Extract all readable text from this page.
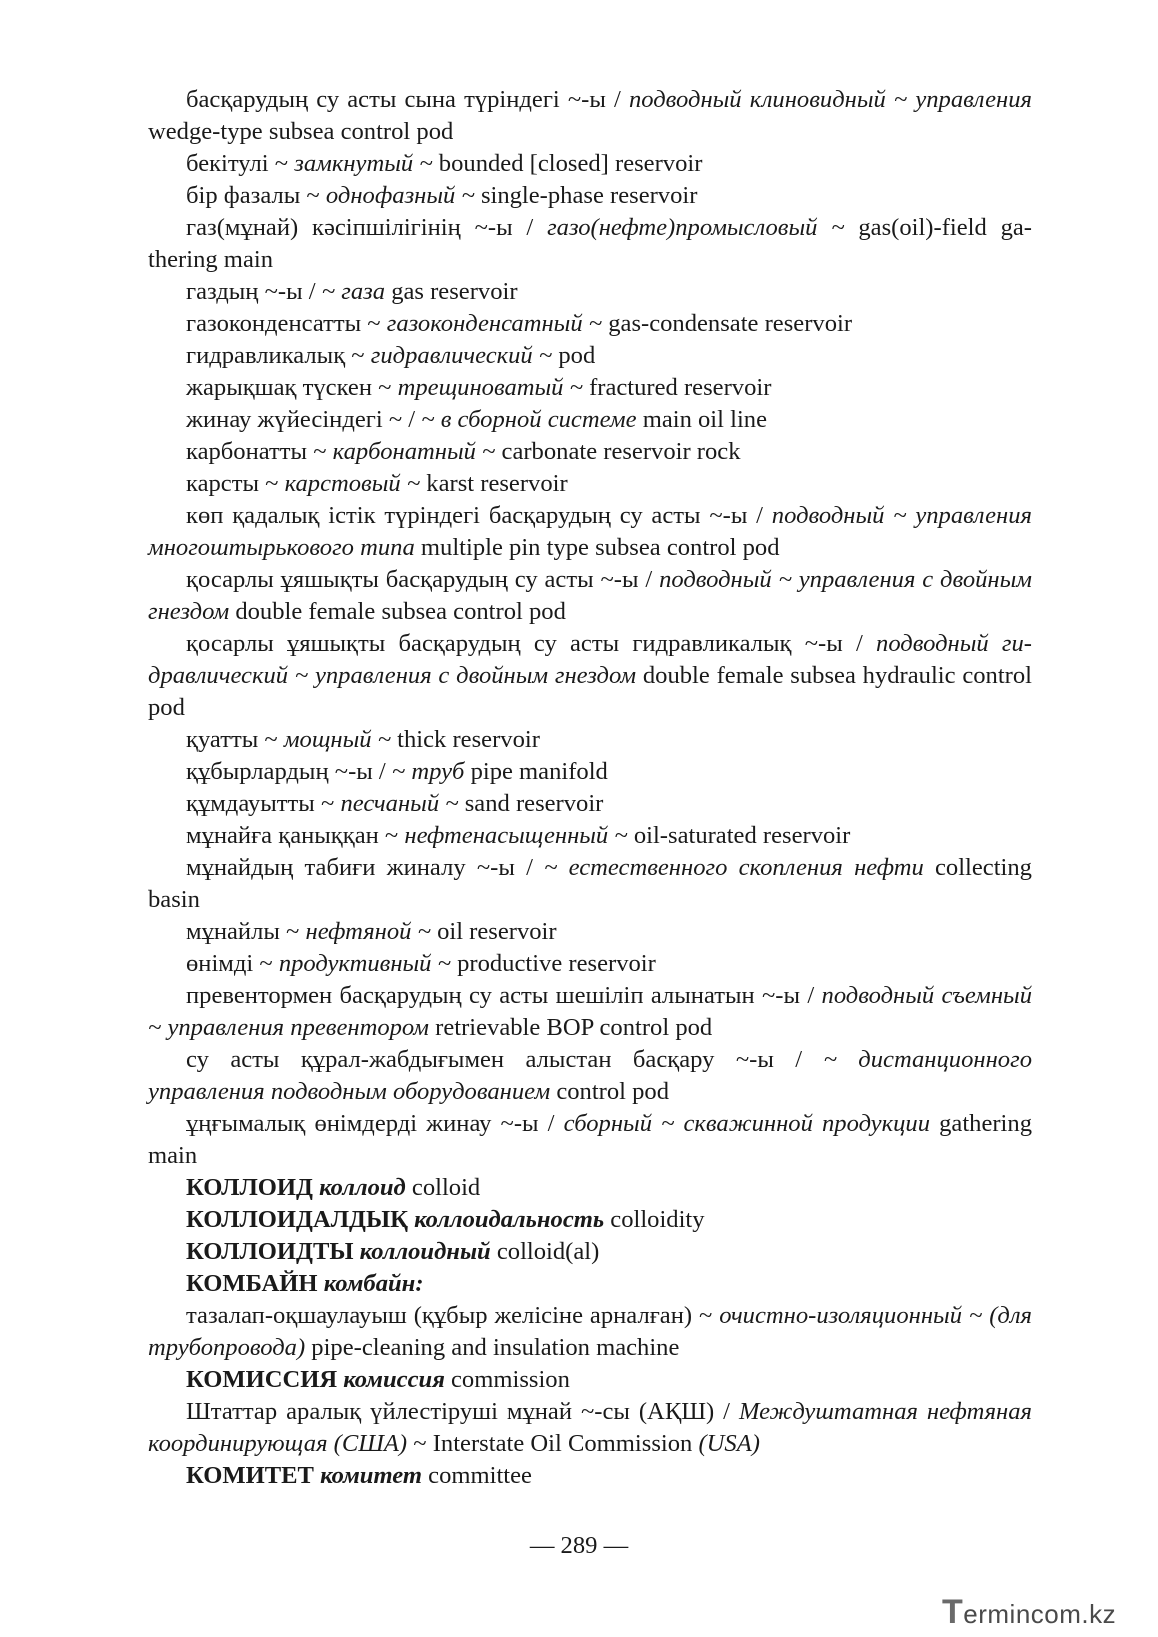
басқарудың су асты сына түріндегі ~-ы / подводный клиновидный ~ управления wedge-type subsea control pod

бекітулі ~ замкнутый ~ bounded [closed] reservoir

бір фазалы ~ однофазный ~ single-phase reservoir

газ(мұнай) кәсіпшілігінің ~-ы / газо(нефте)промысловый ~ gas(oil)-field gathering main

газдың ~-ы / ~ газа gas reservoir

газоконденсатты ~ газоконденсатный ~ gas-condensate reservoir

гидравликалық ~ гидравлический ~ pod

жарықшақ түскен ~ трещиноватый ~ fractured reservoir

жинау жүйесіндегі ~ / ~ в сборной системе main oil line

карбонатты ~ карбонатный ~ carbonate reservoir rock

карсты ~ карстовый ~ karst reservoir

көп қадалық iстiк түрiндегi басқарудың су асты ~-ы / подводный ~ управления многоштырькового типа multiple pin type subsea control pod

қосарлы ұяшықты басқарудың су асты ~-ы / подводный ~ управления с двойным гнездом double female subsea control pod

қосарлы ұяшықты басқарудың су асты гидравликалық ~-ы / подводный гидравлический ~ управления с двойным гнездом double female subsea hydraulic control pod

қуатты ~ мощный ~ thick reservoir

құбырлардың ~-ы / ~ труб pipe manifold

құмдауытты ~ песчаный ~ sand reservoir

мұнайға қаныққан ~ нефтенасыщенный ~ oil-saturated reservoir

мұнайдың табиғи жиналу ~-ы / ~ естественного скопления нефти collecting basin

мұнайлы ~ нефтяной ~ oil reservoir

өнімді ~ продуктивный ~ productive reservoir

превентормен басқарудың су асты шешiлiп алынатын ~-ы / подводный съемный ~ управления превентором retrievable BOP control pod

су асты құрал-жабдығымен алыстан басқару ~-ы / ~ дистанционного управления подводным оборудованием control pod

ұңғымалық өнімдерді жинау ~-ы / сборный ~ скважинной продукции gathering main

КОЛЛОИД коллоид colloid

КОЛЛОИДАЛДЫҚ коллоидальность colloidity

КОЛЛОИДТЫ коллоидный colloid(al)

КОМБАЙН комбайн:

тазалап-оқшаулауыш (құбыр желісіне арналған) ~ очистно-изоляционный ~ (для трубопровода) pipe-cleaning and insulation machine

КОМИССИЯ комиссия commission

Штаттар аралық үйлестіруші мұнай ~-сы (АҚШ) / Междуштатная нефтяная координирующая (США) ~ Interstate Oil Commission (USA)

КОМИТЕТ комитет committee

— 289 —
Termincom.kz
